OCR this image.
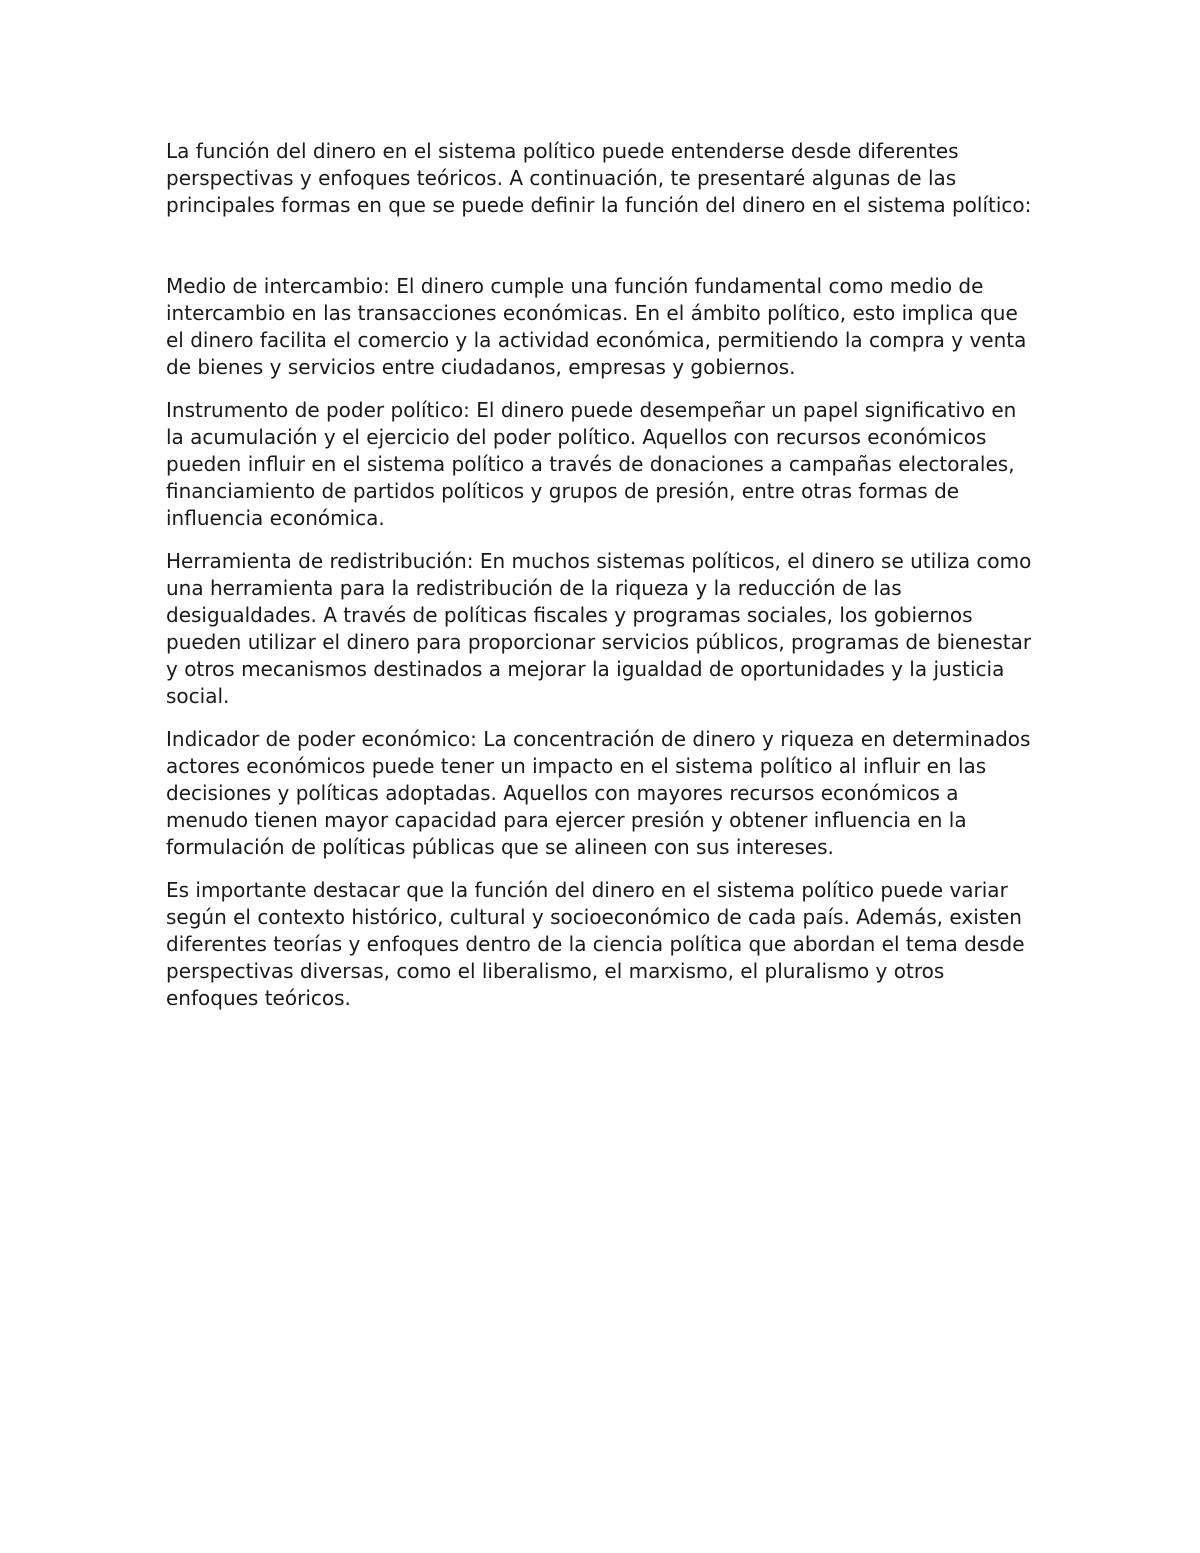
La función del dinero en el sistema político puede entenderse desde diferentes perspectivas y enfoques teóricos. A continuación, te presentaré algunas de las principales formas en que se puede definir la función del dinero en el sistema político:

Medio de intercambio: El dinero cumple una función fundamental como medio de intercambio en las transacciones económicas. En el ámbito político, esto implica que el dinero facilita el comercio y la actividad económica, permitiendo la compra y venta de bienes y servicios entre ciudadanos, empresas y gobiernos.

Instrumento de poder político: El dinero puede desempeñar un papel significativo en la acumulación y el ejercicio del poder político. Aquellos con recursos económicos pueden influir en el sistema político a través de donaciones a campañas electorales, financiamiento de partidos políticos y grupos de presión, entre otras formas de influencia económica.

Herramienta de redistribución: En muchos sistemas políticos, el dinero se utiliza como una herramienta para la redistribución de la riqueza y la reducción de las desigualdades. A través de políticas fiscales y programas sociales, los gobiernos pueden utilizar el dinero para proporcionar servicios públicos, programas de bienestar y otros mecanismos destinados a mejorar la igualdad de oportunidades y la justicia social.

Indicador de poder económico: La concentración de dinero y riqueza en determinados actores económicos puede tener un impacto en el sistema político al influir en las decisiones y políticas adoptadas. Aquellos con mayores recursos económicos a menudo tienen mayor capacidad para ejercer presión y obtener influencia en la formulación de políticas públicas que se alineen con sus intereses.

Es importante destacar que la función del dinero en el sistema político puede variar según el contexto histórico, cultural y socioeconómico de cada país. Además, existen diferentes teorías y enfoques dentro de la ciencia política que abordan el tema desde perspectivas diversas, como el liberalismo, el marxismo, el pluralismo y otros enfoques teóricos.
